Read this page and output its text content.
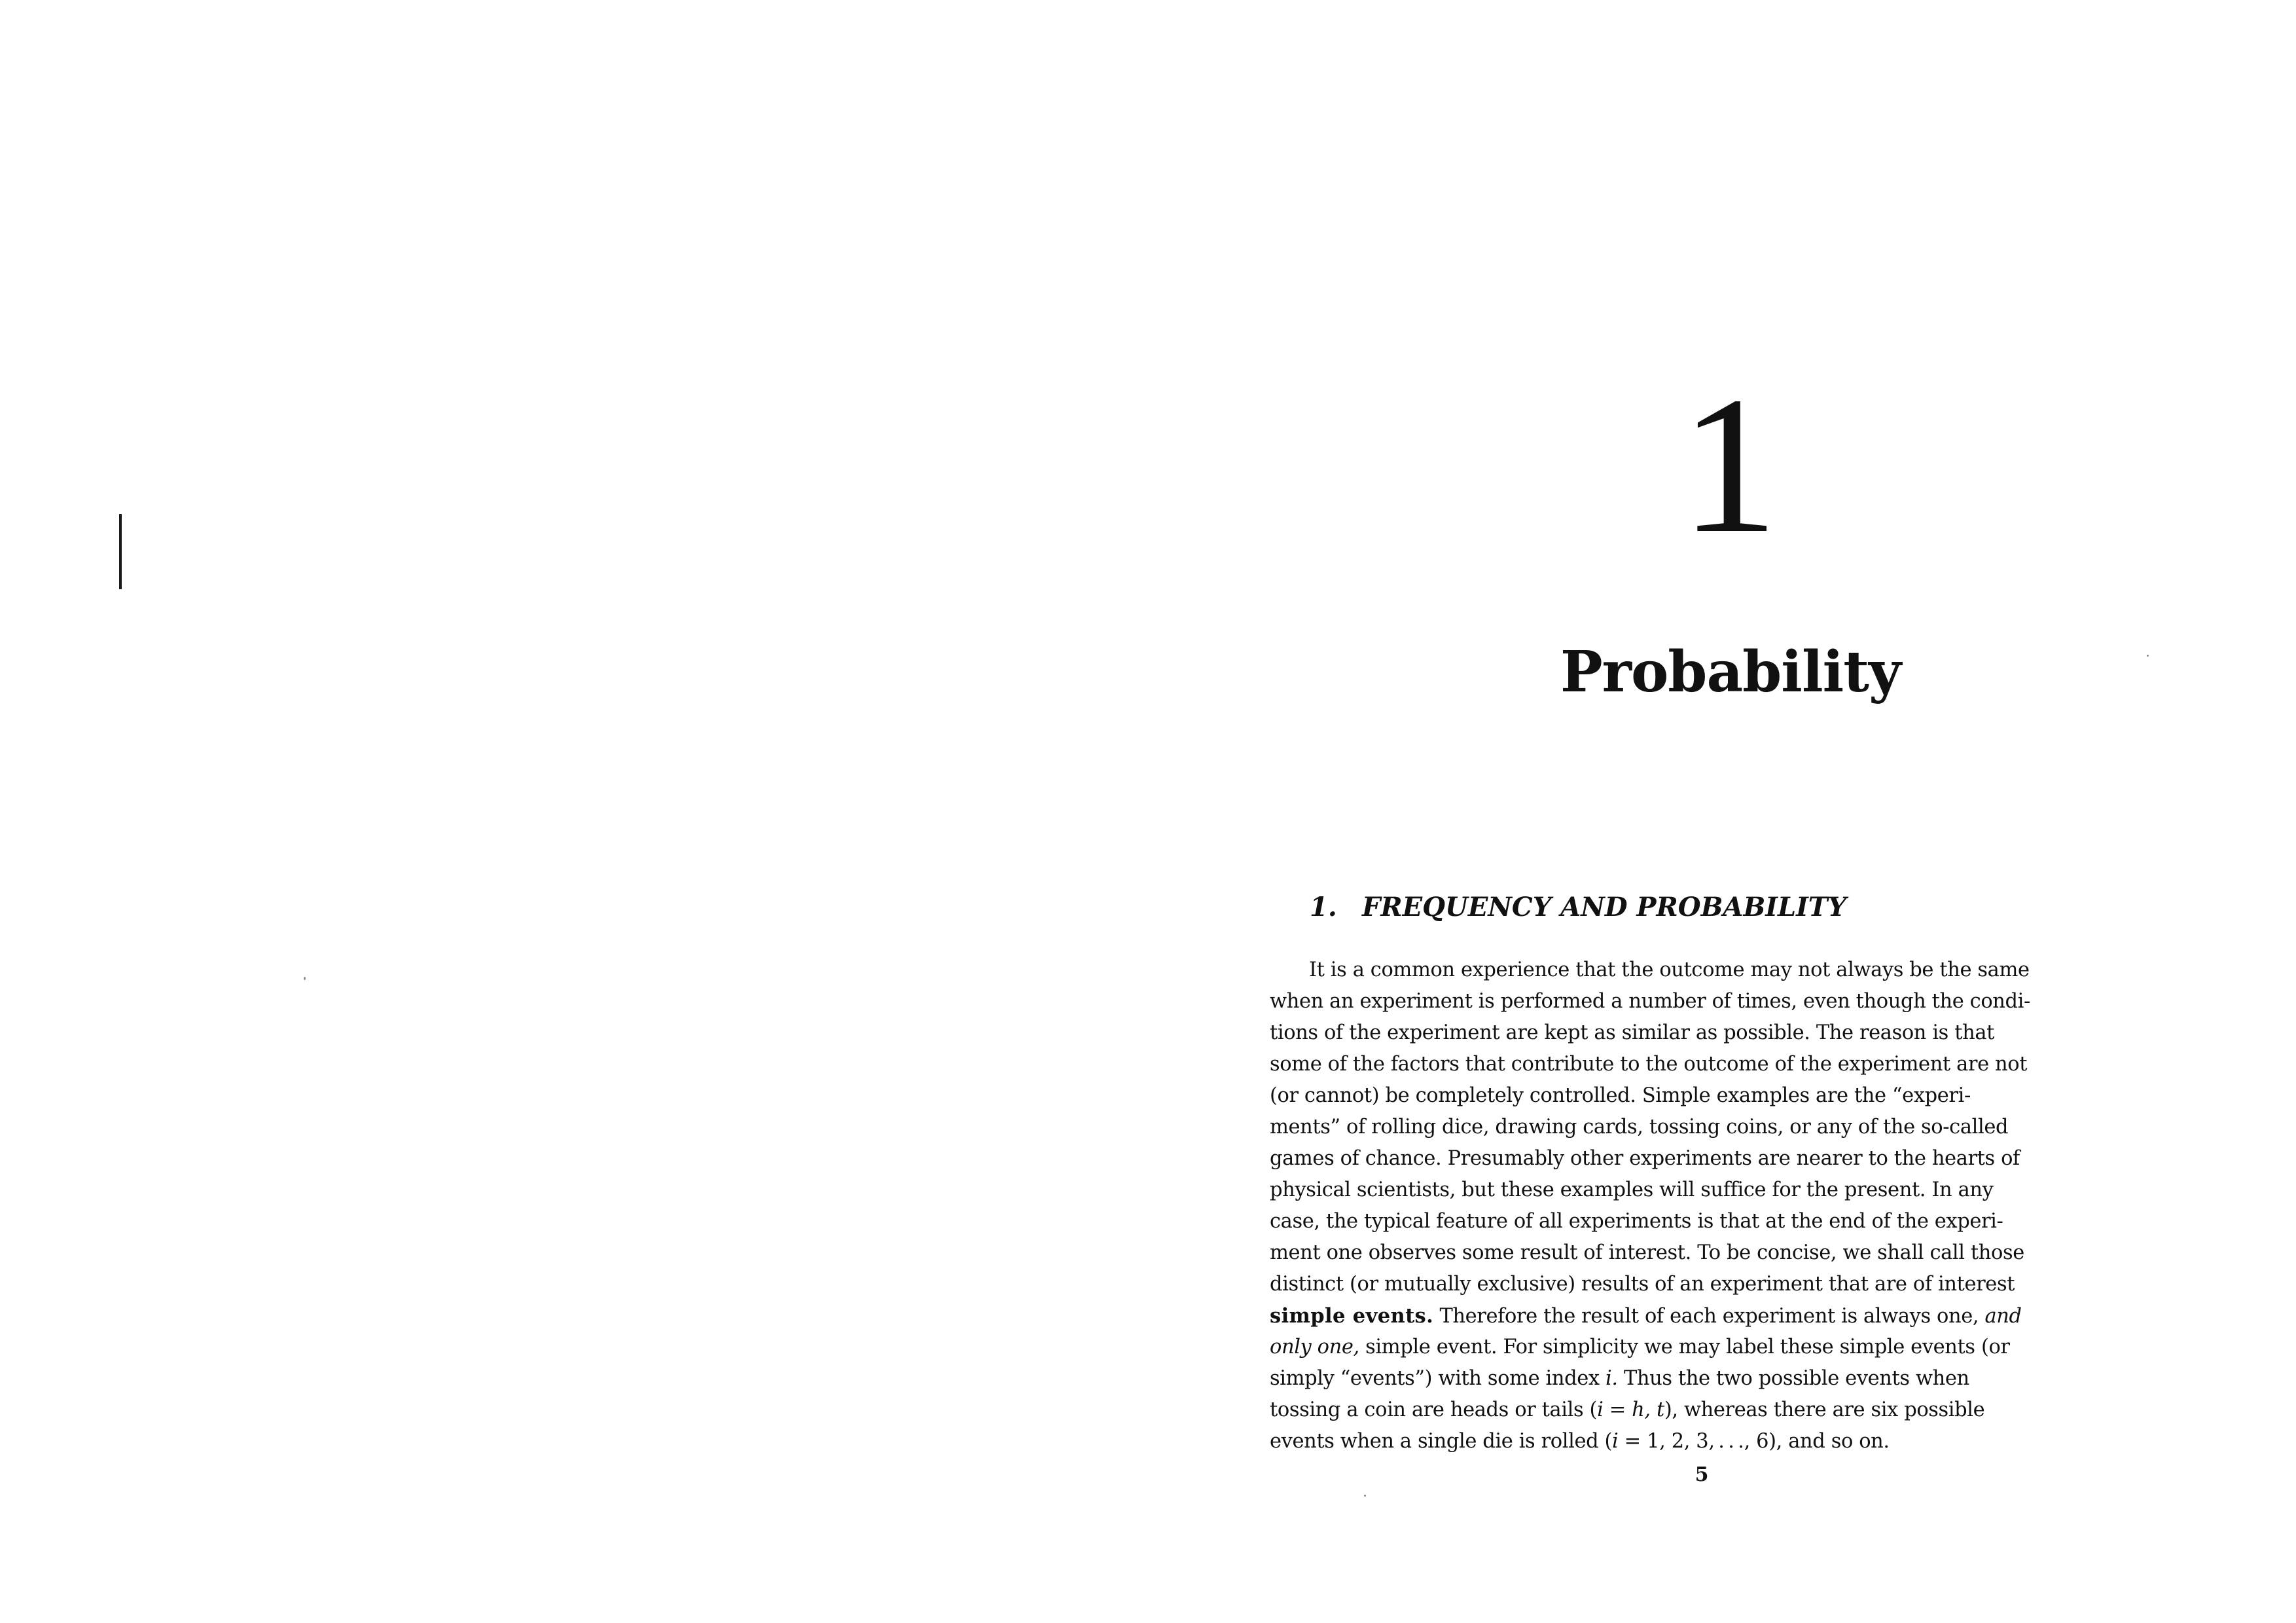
1
Probability
1. FREQUENCY AND PROBABILITY
It is a common experience that the outcome may not always be the same
when an experiment is performed a number of times, even though the condi-
tions of the experiment are kept as similar as possible. The reason is that
some of the factors that contribute to the outcome of the experiment are not
(or cannot) be completely controlled. Simple examples are the “experi-
ments” of rolling dice, drawing cards, tossing coins, or any of the so-called
games of chance. Presumably other experiments are nearer to the hearts of
physical scientists, but these examples will suffice for the present. In any
case, the typical feature of all experiments is that at the end of the experi-
ment one observes some result of interest. To be concise, we shall call those
distinct (or mutually exclusive) results of an experiment that are of interest
simple events. Therefore the result of each experiment is always one, and
only one, simple event. For simplicity we may label these simple events (or
simply “events”) with some index i. Thus the two possible events when
tossing a coin are heads or tails (i = h, t), whereas there are six possible
events when a single die is rolled (i = 1, 2, 3, . . ., 6), and so on.
5
